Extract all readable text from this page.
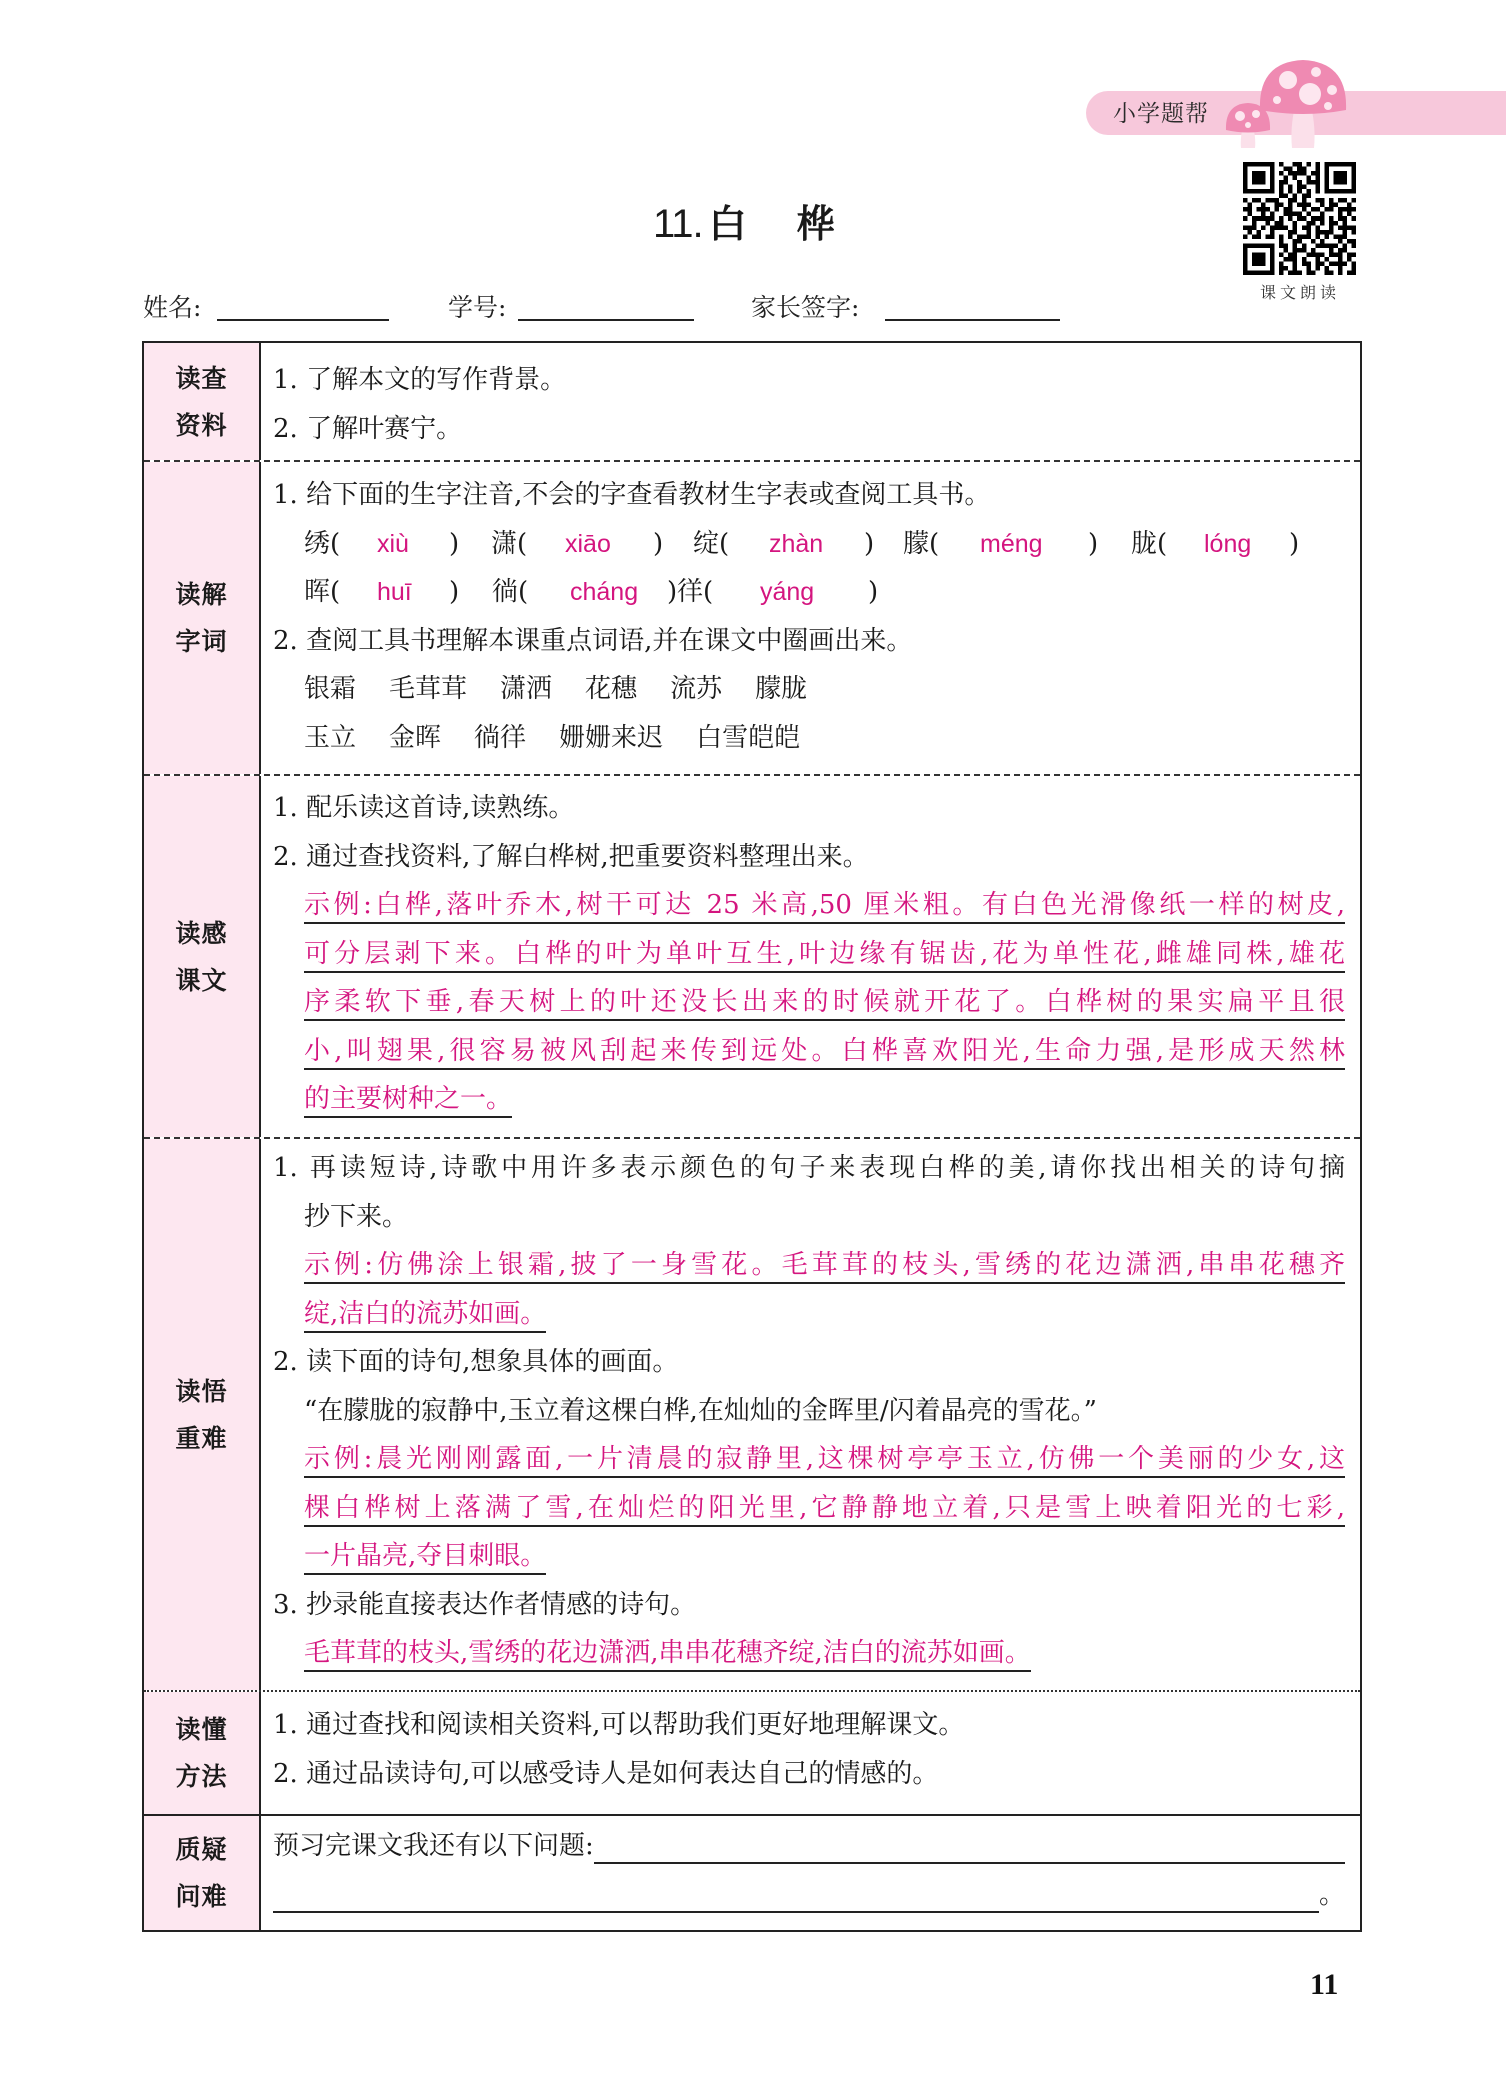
小学题帮
课文朗读
11. 白　桦
姓名:	学号:	家长签字:
读查
资料
1. 了解本文的写作背景。
2. 了解叶赛宁。
读解
字词
1. 给下面的生字注音,不会的字查看教材生字表或查阅工具书。
绣( xiù ) 潇( xiāo ) 绽( zhàn ) 朦( méng ) 胧( lóng )
晖( huī ) 徜( cháng ) 徉( yáng )
2. 查阅工具书理解本课重点词语,并在课文中圈画出来。
银霜 毛茸茸 潇洒 花穗 流苏 朦胧
玉立 金晖 徜徉 姗姗来迟 白雪皑皑
读感
课文
1. 配乐读这首诗,读熟练。
2. 通过查找资料,了解白桦树,把重要资料整理出来。
示例:白桦,落叶乔木,树干可达 25 米高,50 厘米粗。有白色光滑像纸一样的树皮,
可分层剥下来。白桦的叶为单叶互生,叶边缘有锯齿,花为单性花,雌雄同株,雄花
序柔软下垂,春天树上的叶还没长出来的时候就开花了。白桦树的果实扁平且很
小,叫翅果,很容易被风刮起来传到远处。白桦喜欢阳光,生命力强,是形成天然林
的主要树种之一。
读悟
重难
1. 再读短诗,诗歌中用许多表示颜色的句子来表现白桦的美,请你找出相关的诗句摘
抄下来。
示例:仿佛涂上银霜,披了一身雪花。毛茸茸的枝头,雪绣的花边潇洒,串串花穗齐
绽,洁白的流苏如画。
2. 读下面的诗句,想象具体的画面。
“在朦胧的寂静中,玉立着这棵白桦,在灿灿的金晖里/闪着晶亮的雪花。”
示例:晨光刚刚露面,一片清晨的寂静里,这棵树亭亭玉立,仿佛一个美丽的少女,这
棵白桦树上落满了雪,在灿烂的阳光里,它静静地立着,只是雪上映着阳光的七彩,
一片晶亮,夺目刺眼。
3. 抄录能直接表达作者情感的诗句。
毛茸茸的枝头,雪绣的花边潇洒,串串花穗齐绽,洁白的流苏如画。
读懂
方法
1. 通过查找和阅读相关资料,可以帮助我们更好地理解课文。
2. 通过品读诗句,可以感受诗人是如何表达自己的情感的。
质疑
问难
预习完课文我还有以下问题:
。
11
